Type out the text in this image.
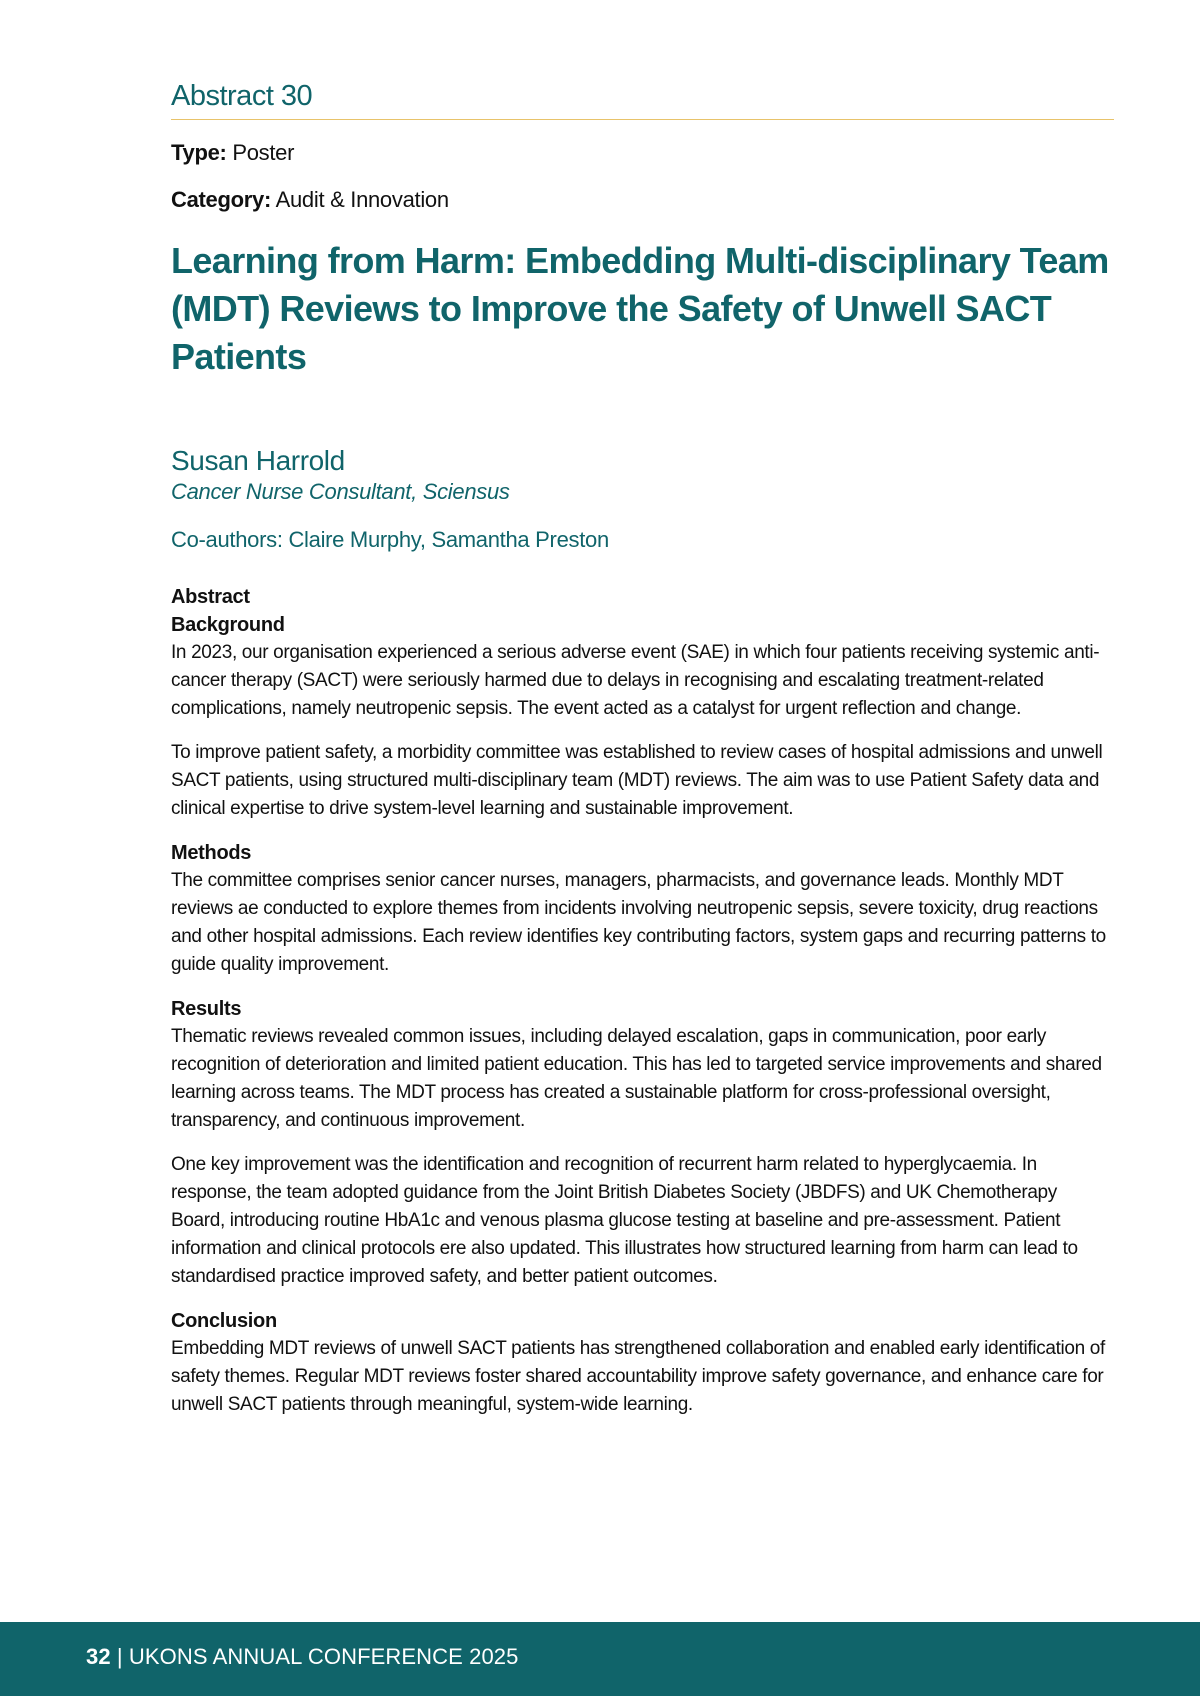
Abstract 30
Type: Poster
Category: Audit & Innovation
Learning from Harm: Embedding Multi-disciplinary Team (MDT) Reviews to Improve the Safety of Unwell SACT Patients
Susan Harrold
Cancer Nurse Consultant, Sciensus
Co-authors: Claire Murphy, Samantha Preston
Abstract
Background

In 2023, our organisation experienced a serious adverse event (SAE) in which four patients receiving systemic anti-cancer therapy (SACT) were seriously harmed due to delays in recognising and escalating treatment-related complications, namely neutropenic sepsis. The event acted as a catalyst for urgent reflection and change.

To improve patient safety, a morbidity committee was established to review cases of hospital admissions and unwell SACT patients, using structured multi-disciplinary team (MDT) reviews. The aim was to use Patient Safety data and clinical expertise to drive system-level learning and sustainable improvement.

Methods

The committee comprises senior cancer nurses, managers, pharmacists, and governance leads. Monthly MDT reviews ae conducted to explore themes from incidents involving neutropenic sepsis, severe toxicity, drug reactions and other hospital admissions. Each review identifies key contributing factors, system gaps and recurring patterns to guide quality improvement.

Results

Thematic reviews revealed common issues, including delayed escalation, gaps in communication, poor early recognition of deterioration and limited patient education. This has led to targeted service improvements and shared learning across teams. The MDT process has created a sustainable platform for cross-professional oversight, transparency, and continuous improvement.

One key improvement was the identification and recognition of recurrent harm related to hyperglycaemia. In response, the team adopted guidance from the Joint British Diabetes Society (JBDFS) and UK Chemotherapy Board, introducing routine HbA1c and venous plasma glucose testing at baseline and pre-assessment. Patient information and clinical protocols ere also updated. This illustrates how structured learning from harm can lead to standardised practice improved safety, and better patient outcomes.

Conclusion

Embedding MDT reviews of unwell SACT patients has strengthened collaboration and enabled early identification of safety themes. Regular MDT reviews foster shared accountability improve safety governance, and enhance care for unwell SACT patients through meaningful, system-wide learning.

32 | UKONS ANNUAL CONFERENCE 2025
